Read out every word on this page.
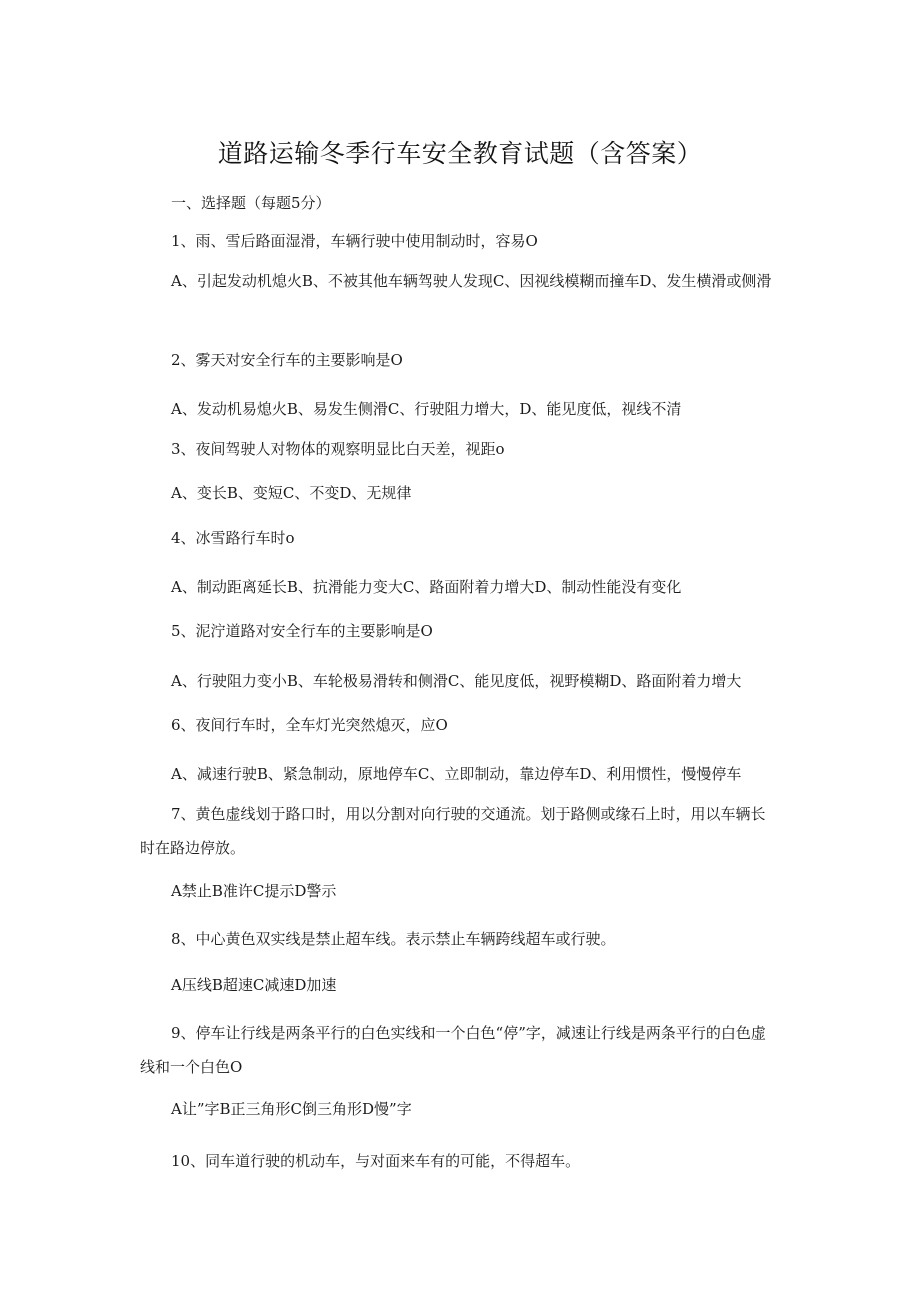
道路运输冬季行车安全教育试题（含答案）
一、选择题（每题5分）
1、雨、雪后路面湿滑，车辆行驶中使用制动时，容易O
A、引起发动机熄火B、不被其他车辆驾驶人发现C、因视线模糊而撞车D、发生横滑或侧滑
2、雾天对安全行车的主要影响是O
A、发动机易熄火B、易发生侧滑C、行驶阻力增大，D、能见度低，视线不清
3、夜间驾驶人对物体的观察明显比白天差，视距o
A、变长B、变短C、不变D、无规律
4、冰雪路行车时o
A、制动距离延长B、抗滑能力变大C、路面附着力增大D、制动性能没有变化
5、泥泞道路对安全行车的主要影响是O
A、行驶阻力变小B、车轮极易滑转和侧滑C、能见度低，视野模糊D、路面附着力增大
6、夜间行车时，全车灯光突然熄灭，应O
A、减速行驶B、紧急制动，原地停车C、立即制动，靠边停车D、利用惯性，慢慢停车
7、黄色虚线划于路口时，用以分割对向行驶的交通流。划于路侧或缘石上时，用以车辆长时在路边停放。
A禁止B准许C提示D警示
8、中心黄色双实线是禁止超车线。表示禁止车辆跨线超车或行驶。
A压线B超速C减速D加速
9、停车让行线是两条平行的白色实线和一个白色“停”字，减速让行线是两条平行的白色虚线和一个白色O
A让”字B正三角形C倒三角形D慢”字
10、同车道行驶的机动车，与对面来车有的可能，不得超车。
